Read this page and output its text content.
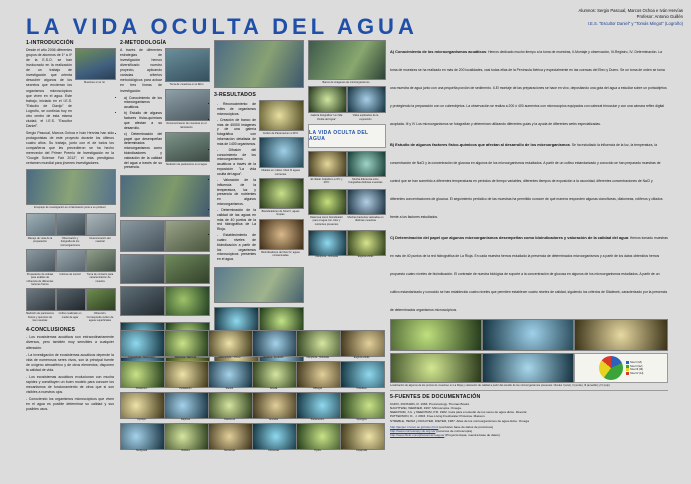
LA VIDA OCULTA DEL AGUA
Alumnos: Sergio Pascual, Marcos Ochoa e Iván Hervías
Profesor: Antonio Guillén
I.E.S. "Escultor Daniel" y "Tomás Mingot" (Logroño)
1-INTRODUCCIÓN
Desde el año 2006 diferentes grupos de alumnos de 1º a 4º de la E.S.O. se han involucrado en la realización de un trabajo de investigación que orienta descubrir algunos de los secretos que encierran los organismos microscópicos que viven en el agua. Este trabajo, iniciado en el I.E.S. "Estudio de Clavijo" de Logroño, se continúa hoy en otro centro de esta misma ciudad, el I.E.S. "Escultor Daniel".
Muestreo en el río
Sergio Pascual, Marcos Ochoa e Iván Hervías han sido protagonistas de este proyecto durante los últimos cuatro años. Su trabajo, junto con el de todos los compañeros que les precedieron se ha hecho merecedor del Primer Premio de Investigación en la "Google Science Fair 2012", el más prestigioso certamen mundial para jóvenes investigadores.
El equipo de investigación en el laboratorio junto a su profesor
Manejo de vista de la preparación
Observación y fotografía de los microorganismos
Determinación del material
Preparación de células para análisis de influencia de diferentes factores físicos
Cultivos de control	Toma de contacto para caracterización de muestra
Medición de parámetros físicos y químicos de las muestras
Cultivo realizado en medio de agar
Obtención. Corresponde cultivo de aguas superficiales
4-CONCLUSIONES
- Los ecosistemas acuáticos son extraordinariamente diversos, pero también muy sensibles a cualquier alteración.
- La investigación de ecosistemas acuáticos depende la vida de numerosos seres vivos, son la principal fuente de oxígeno atmosférico y de otros elementos; disponen la calidad de vida.
- Los ecosistemas acuáticos evolucionan con mucha rapidez y constituyen un buen modelo para conocer los mecanismos de funcionamiento de otros que si son visibles a nuestros ojos.
- Conociendo los organismos microscópicos que viven en el agua es posible determinar su calidad y sus posibles usos.
2-METODOLOGÍA
A través de diferentes estrategias de investigación hemos diversificado nuestro proyecto, aplicando variadas criterios metodológicos para actuar en tres líneas de investigación:
• a) Conocimiento de los microorganismos acuáticos.
• b) Estudio de algunos factores físico-químicos que afectan a su desarrollo.
• c) Determinación del papel que desempeñan determinados microorganismos como bioindicadores y valoración de la calidad del agua a través de su presencia.
Toma de muestras en el Ebro
Reconocimiento de muestras en el laboratorio
Medición de parámetros en el agua
3-RESULTADOS
• - Reconocimiento de miles de organismos microscópicos.
• - Creación de banco de más de 40000 imágenes y de una galería fotográfica con información detallada de más de 1400 organismos.
• - Difusión del conocimiento de los microorganismos acuáticos a través de la exposición "La vida oculta del agua".
• - Valoración de la influencia de la temperatura, luz y presencia de nutrientes en algunos microorganismos.
• - Determinación de la calidad de las aguas en más de 40 puntos de la red hidrográfica de La Rioja.
• - Establecimiento de cuatro niveles de bioindicación a partir de los organismos microscópicos presentes en el agua.
Cultivo de Paramecium a 30ºC
Ciliados en cultivo. Nivel III aguas corrientes
Bioindicadores de Nivel II, aguas limpias
Bioindicadores de Nivel IV, aguas contaminadas
Banco de imágenes de microorganismos
Galería fotográfica "La Vida Oculta del Agua"
Video explicativo de la exposición
LA VIDA OCULTA DEL AGUA
El ciliado Colpidium a 4ºC y 20ºC
Mucha diferencia entre fotografías distintas muestras
Diatomea como bioindicador para el agua con color y nutrientes presentes
Muchas bacterias valoradas en distintas muestras
Ciliophora - Vorticella	Euglena viridis
A) Conocimiento de los microorganismos acuáticos: Hemos dedicado mucho tiempo a la toma de muestras, II-Montaje y observación, III-Registro, IV- Determinación. La toma de muestras se ha realizado en más de 200 localidades, casi todas ellas de la Península Ibérica y especialmente en las cuencas del Ebro y Duero. Se un toma de orden se toma una muestra de agua junto con una pequeña porción de sedimento. II-El montaje de las preparaciones se hace en vivo, depositando una gota del agua a estudiar sobre un portaobjetos y protegiendo la preparación con un cubreobjetos. La observación se realiza a 200 ó 400 aumentos con microscopios equipados con cabezal trinocular y con una cámara reflex digital acoplada. III y IV Los microorganismos se fotografían y determinan utilizando diferentes guías y la ayuda de diferentes webs especializadas.
B) Estudio de algunos factores físico-químicos que afectan al desarrollo de los microorganismos. Se ha estudiado la influencia de la luz, la temperatura, la concentración de NaCl y la concentración de glucosa en algunos de los microorganismos estudiados. A partir de un cultivo estandarizado y conocido se han preparado muestras de control que se han sometido a diferentes temperaturas en periodos de tiempo variables, diferentes tiempos de exposición a la oscuridad, diferentes concentraciones de NaCl y diferentes concentraciones de glucosa. El seguimiento periódico de las muestras ha permitido conocer de qué manera responden algunas cianofíceas, diatomeas, rotíferos y ciliados frente a los factores estudiados.
C) Determinación del papel que algunos microorganismos desempeñan como bioindicadores y valoración de la calidad del agua: Hemos tomado muestras en más de 40 puntos de la red hidrográfica de La Rioja. En cada muestra hemos estudiado la presencia de determinados microorganismos y a partir de los datos obtenidos hemos propuesto cuatro niveles de bioindicación. El contraste de nuestra biológica de soporte a la concentración de glucosa en algunos de los microorganismos estudiados. A partir de un cultivo estandarizado y conocido se han establecido cuatro niveles que permiten establecer cuatro niveles de calidad, siguiendo los criterios de Sládecek, caracterizado por la presencia de determinados organismos microscópicos.
Nivel I (18)
Nivel II (42)
Nivel III (26)
Nivel IV (14)
Localización de algunos de los puntos de muestreo en La Rioja y valoración de calidad a partir del estudio de los microorganismos presentes. Niveles I (azul), II (verde), III (amarillo) y IV (rojo)
5-FUENTES DE DOCUMENTACIÓN
KUDO, RICHARD, R. 1966. Protozoology. Thomas Books
NACHTWEI, WERNER, 1997. Microscopía. Omega.
NEEDHAM, J.G. y NEEDHAM, P.R. 1982. Guía para el estudio de los seres de agua dulce. Reverté
PATTERSON, D., J. 2003. Free-Living Freshwater Protozoa. Masson.
STREBLE, HEINZ y KRAUTER, DIETER, 1987. Atlas de los microorganismos de agua dulce. Omega
http://jasper.t.hosoi.ac.jp/index.html (exclusivo base de datos de protozoos)
http://www.microscopy-uk.org.uk/ (recursos de microscopía)
http://www.flickr.com/photos/microagua/ (Proyecto Aqua, nuestra base de datos)
Cyanophyta - Nostocales	Diatomea - Navicula	Chlorophyta - Volvox	Rotifera - Keratella	Ciliophora - Vorticella	Euglena viridis
Closterium	Pediastrum	Stentor	Arcella	Difflugia	Philodina
Cyclops	Daphnia	Cladocera	Amoeba	Paramecium	Spirogyra
Tardigrada	Rotifera	Nematoda	Ostracoda	Hydra	Copepoda
